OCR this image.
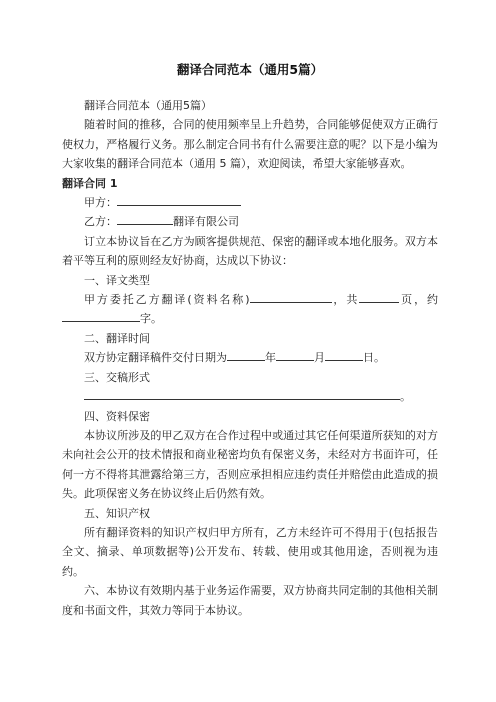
翻译合同范本（通用5篇）

翻译合同范本（通用5篇）

随着时间的推移，合同的使用频率呈上升趋势，合同能够促使双方正确行使权力，严格履行义务。那么制定合同书有什么需要注意的呢？以下是小编为大家收集的翻译合同范本（通用 5 篇），欢迎阅读，希望大家能够喜欢。

翻译合同 1

甲方：

乙方：	翻译有限公司

订立本协议旨在乙方为顾客提供规范、保密的翻译或本地化服务。双方本着平等互利的原则经友好协商，达成以下协议：

一、译文类型

甲方委托乙方翻译(资料名称)	，共	页，约字。

二、翻译时间

双方协定翻译稿件交付日期为	年	月	日。

三、交稿形式

。

四、资料保密

本协议所涉及的甲乙双方在合作过程中或通过其它任何渠道所获知的对方未向社会公开的技术情报和商业秘密均负有保密义务，未经对方书面许可，任何一方不得将其泄露给第三方，否则应承担相应违约责任并赔偿由此造成的损失。此项保密义务在协议终止后仍然有效。

五、知识产权

所有翻译资料的知识产权归甲方所有，乙方未经许可不得用于(包括报告全文、摘录、单项数据等)公开发布、转载、使用或其他用途，否则视为违约。

六、本协议有效期内基于业务运作需要，双方协商共同定制的其他相关制度和书面文件，其效力等同于本协议。
